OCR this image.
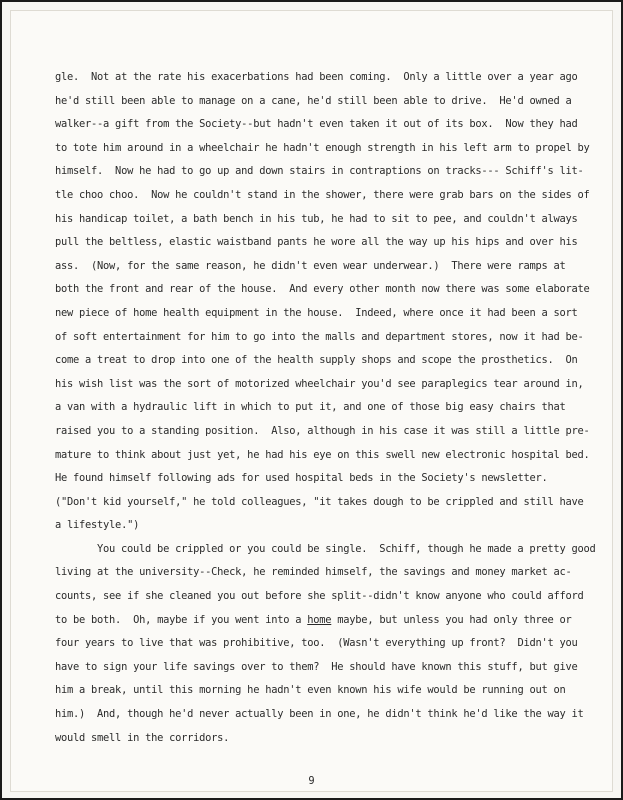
gle.  Not at the rate his exacerbations had been coming.  Only a little over a year ago
he'd still been able to manage on a cane, he'd still been able to drive.  He'd owned a
walker--a gift from the Society--but hadn't even taken it out of its box.  Now they had
to tote him around in a wheelchair he hadn't enough strength in his left arm to propel by
himself.  Now he had to go up and down stairs in contraptions on tracks--- Schiff's lit-
tle choo choo.  Now he couldn't stand in the shower, there were grab bars on the sides of
his handicap toilet, a bath bench in his tub, he had to sit to pee, and couldn't always
pull the beltless, elastic waistband pants he wore all the way up his hips and over his
ass.  (Now, for the same reason, he didn't even wear underwear.)  There were ramps at
both the front and rear of the house.  And every other month now there was some elaborate
new piece of home health equipment in the house.  Indeed, where once it had been a sort
of soft entertainment for him to go into the malls and department stores, now it had be-
come a treat to drop into one of the health supply shops and scope the prosthetics.  On
his wish list was the sort of motorized wheelchair you'd see paraplegics tear around in,
a van with a hydraulic lift in which to put it, and one of those big easy chairs that
raised you to a standing position.  Also, although in his case it was still a little pre-
mature to think about just yet, he had his eye on this swell new electronic hospital bed.
He found himself following ads for used hospital beds in the Society's newsletter.
("Don't kid yourself," he told colleagues, "it takes dough to be crippled and still have
a lifestyle.")
You could be crippled or you could be single.  Schiff, though he made a pretty good
living at the university--Check, he reminded himself, the savings and money market ac-
counts, see if she cleaned you out before she split--didn't know anyone who could afford
to be both.  Oh, maybe if you went into a home maybe, but unless you had only three or
four years to live that was prohibitive, too.  (Wasn't everything up front?  Didn't you
have to sign your life savings over to them?  He should have known this stuff, but give
him a break, until this morning he hadn't even known his wife would be running out on
him.)  And, though he'd never actually been in one, he didn't think he'd like the way it
would smell in the corridors.
9
